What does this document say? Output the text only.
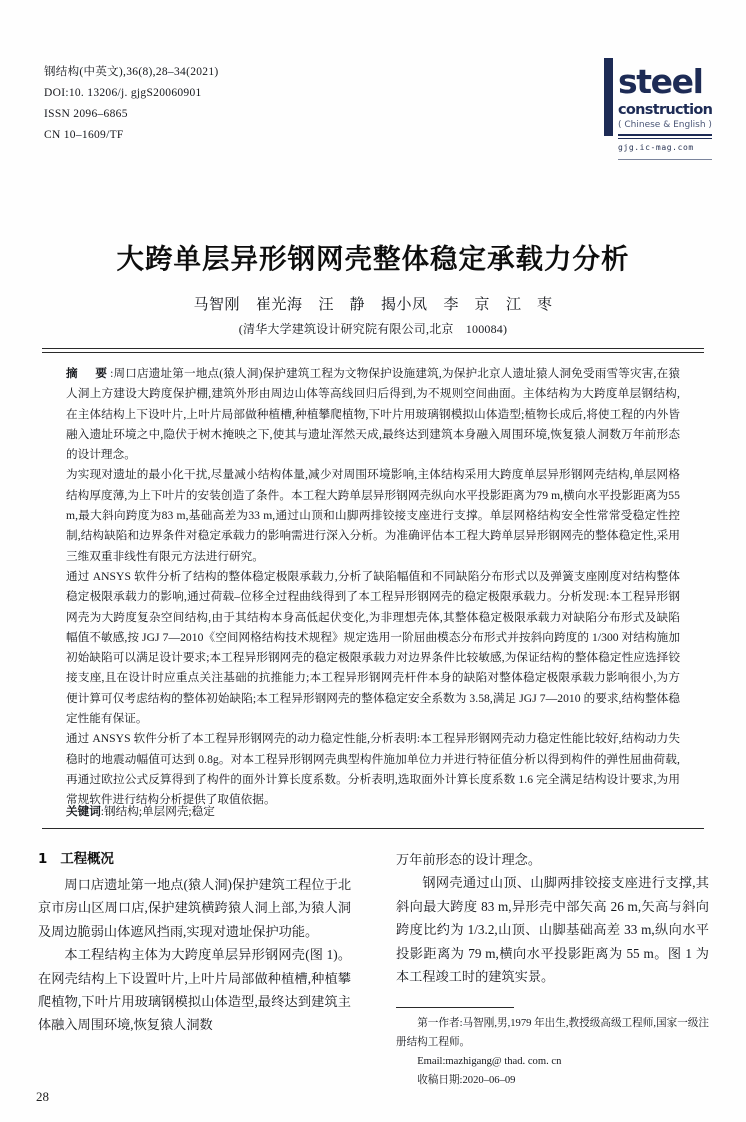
钢结构(中英文),36(8),28–34(2021)
DOI:10. 13206/j. gjgS20060901
ISSN 2096–6865
CN 10–1609/TF
steel
construction
( Chinese & English )
gjg.ic-mag.com
大跨单层异形钢网壳整体稳定承载力分析
马智刚  崔光海  汪 静  揭小凤  李 京  江 枣
(清华大学建筑设计研究院有限公司,北京 100084)

摘 要:周口店遗址第一地点(猿人洞)保护建筑工程为文物保护设施建筑,为保护北京人遗址猿人洞免受雨雪等灾害,在猿人洞上方建设大跨度保护棚,建筑外形由周边山体等高线回归后得到,为不规则空间曲面。主体结构为大跨度单层钢结构,在主体结构上下设叶片,上叶片局部做种植槽,种植攀爬植物,下叶片用玻璃钢模拟山体造型;植物长成后,将使工程的内外皆融入遗址环境之中,隐伏于树木掩映之下,使其与遗址浑然天成,最终达到建筑本身融入周围环境,恢复猿人洞数万年前形态的设计理念。

为实现对遗址的最小化干扰,尽量减小结构体量,减少对周围环境影响,主体结构采用大跨度单层异形钢网壳结构,单层网格结构厚度薄,为上下叶片的安装创造了条件。本工程大跨单层异形钢网壳纵向水平投影距离为79 m,横向水平投影距离为55 m,最大斜向跨度为83 m,基础高差为33 m,通过山顶和山脚两排铰接支座进行支撑。单层网格结构安全性常常受稳定性控制,结构缺陷和边界条件对稳定承载力的影响需进行深入分析。为准确评估本工程大跨单层异形钢网壳的整体稳定性,采用三维双重非线性有限元方法进行研究。

通过 ANSYS 软件分析了结构的整体稳定极限承载力,分析了缺陷幅值和不同缺陷分布形式以及弹簧支座刚度对结构整体稳定极限承载力的影响,通过荷载–位移全过程曲线得到了本工程异形钢网壳的稳定极限承载力。分析发现:本工程异形钢网壳为大跨度复杂空间结构,由于其结构本身高低起伏变化,为非理想壳体,其整体稳定极限承载力对缺陷分布形式及缺陷幅值不敏感,按 JGJ 7—2010《空间网格结构技术规程》规定选用一阶屈曲模态分布形式并按斜向跨度的 1/300 对结构施加初始缺陷可以满足设计要求;本工程异形钢网壳的稳定极限承载力对边界条件比较敏感,为保证结构的整体稳定性应选择铰接支座,且在设计时应重点关注基础的抗推能力;本工程异形钢网壳杆件本身的缺陷对整体稳定极限承载力影响很小,为方便计算可仅考虑结构的整体初始缺陷;本工程异形钢网壳的整体稳定安全系数为 3.58,满足 JGJ 7—2010 的要求,结构整体稳定性能有保证。

通过 ANSYS 软件分析了本工程异形钢网壳的动力稳定性能,分析表明:本工程异形钢网壳动力稳定性能比较好,结构动力失稳时的地震动幅值可达到 0.8g。对本工程异形钢网壳典型构件施加单位力并进行特征值分析以得到构件的弹性屈曲荷载,再通过欧拉公式反算得到了构件的面外计算长度系数。分析表明,选取面外计算长度系数 1.6 完全满足结构设计要求,为用常规软件进行结构分析提供了取值依据。

关键词:钢结构;单层网壳;稳定
1 工程概况

周口店遗址第一地点(猿人洞)保护建筑工程位于北京市房山区周口店,保护建筑横跨猿人洞上部,为猿人洞及周边脆弱山体遮风挡雨,实现对遗址保护功能。

本工程结构主体为大跨度单层异形钢网壳(图 1)。在网壳结构上下设置叶片,上叶片局部做种植槽,种植攀爬植物,下叶片用玻璃钢模拟山体造型,最终达到建筑主体融入周围环境,恢复猿人洞数

万年前形态的设计理念。

钢网壳通过山顶、山脚两排铰接支座进行支撑,其斜向最大跨度 83 m,异形壳中部矢高 26 m,矢高与斜向跨度比约为 1/3.2,山顶、山脚基础高差 33 m,纵向水平投影距离为 79 m,横向水平投影距离为 55 m。图 1 为本工程竣工时的建筑实景。

第一作者:马智刚,男,1979 年出生,教授级高级工程师,国家一级注册结构工程师。

Email:mazhigang@ thad. com. cn

收稿日期:2020–06–09

28
